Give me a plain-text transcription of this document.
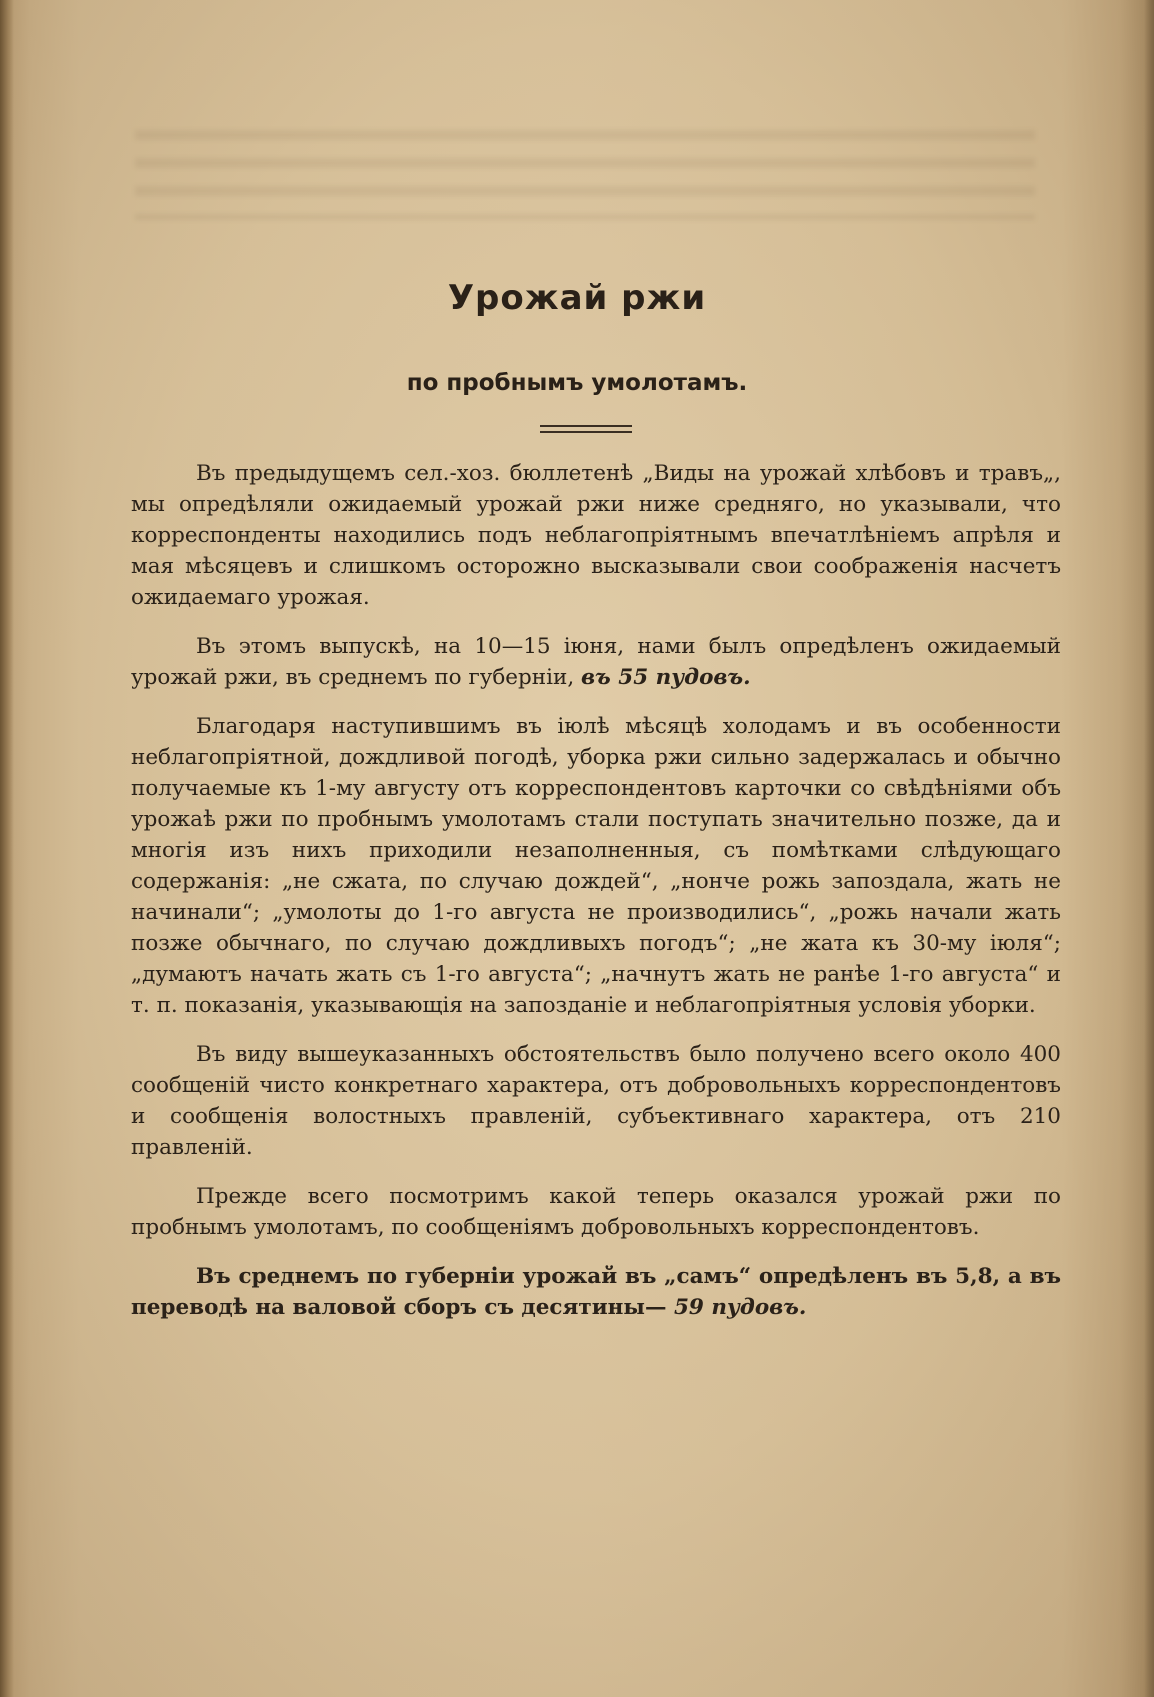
Урожай ржи
по пробнымъ умолотамъ.

Въ предыдущемъ сел.-хоз. бюллетенѣ „Виды на урожай хлѣбовъ и травъ„, мы опредѣляли ожидаемый урожай ржи ниже средняго, но указывали, что корреспонденты находились подъ неблагопріятнымъ впечатлѣніемъ апрѣля и мая мѣсяцевъ и слишкомъ осторожно высказывали свои соображенія насчетъ ожидаемаго урожая.

Въ этомъ выпускѣ, на 10—15 іюня, нами былъ опредѣленъ ожидаемый урожай ржи, въ среднемъ по губерніи, въ 55 пудовъ.

Благодаря наступившимъ въ іюлѣ мѣсяцѣ холодамъ и въ особенности неблагопріятной, дождливой погодѣ, уборка ржи сильно задержалась и обычно получаемые къ 1-му августу отъ корреспондентовъ карточки со свѣдѣніями объ урожаѣ ржи по пробнымъ умолотамъ стали поступать значительно позже, да и многія изъ нихъ приходили незаполненныя, съ помѣтками слѣдующаго содержанія: „не сжата, по случаю дождей“, „нонче рожь запоздала, жать не начинали“; „умолоты до 1-го августа не производились“, „рожь начали жать позже обычнаго, по случаю дождливыхъ погодъ“; „не жата къ 30-му іюля“; „думаютъ начать жать съ 1-го августа“; „начнутъ жать не ранѣе 1-го августа“ и т. п. показанія, указывающія на запозданіе и неблагопріятныя условія уборки.

Въ виду вышеуказанныхъ обстоятельствъ было получено всего около 400 сообщеній чисто конкретнаго характера, отъ добровольныхъ корреспондентовъ и сообщенія волостныхъ правленій, субъективнаго характера, отъ 210 правленій.

Прежде всего посмотримъ какой теперь оказался урожай ржи по пробнымъ умолотамъ, по сообщеніямъ добровольныхъ корреспондентовъ.

Въ среднемъ по губерніи урожай въ „самъ“ опредѣленъ въ 5,8, а въ переводѣ на валовой сборъ съ десятины— 59 пудовъ.
